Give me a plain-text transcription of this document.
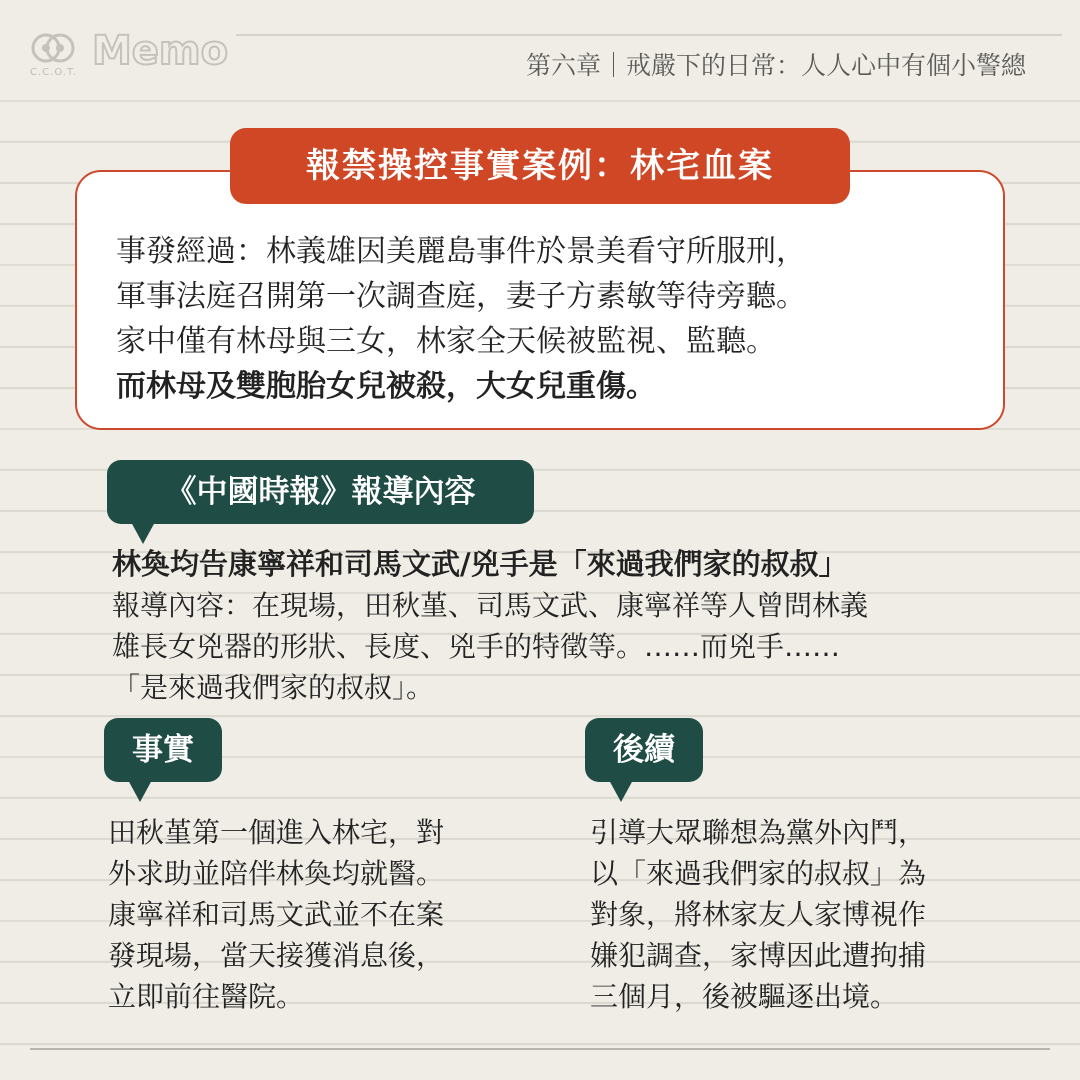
C.C.O.T. Memo	第六章｜戒嚴下的日常：人人心中有個小警總
報禁操控事實案例：林宅血案

事發經過：林義雄因美麗島事件於景美看守所服刑，

軍事法庭召開第一次調查庭，妻子方素敏等待旁聽。

家中僅有林母與三女，林家全天候被監視、監聽。

而林母及雙胞胎女兒被殺，大女兒重傷。

《中國時報》報導內容

林奐均告康寧祥和司馬文武/兇手是「來過我們家的叔叔」

報導內容：在現場，田秋堇、司馬文武、康寧祥等人曾問林義

雄長女兇器的形狀、長度、兇手的特徵等。……而兇手……

「是來過我們家的叔叔」。

事實

田秋堇第一個進入林宅，對

外求助並陪伴林奐均就醫。

康寧祥和司馬文武並不在案

發現場，當天接獲消息後，

立即前往醫院。

後續

引導大眾聯想為黨外內鬥，

以「來過我們家的叔叔」為

對象，將林家友人家博視作

嫌犯調查，家博因此遭拘捕

三個月，後被驅逐出境。
